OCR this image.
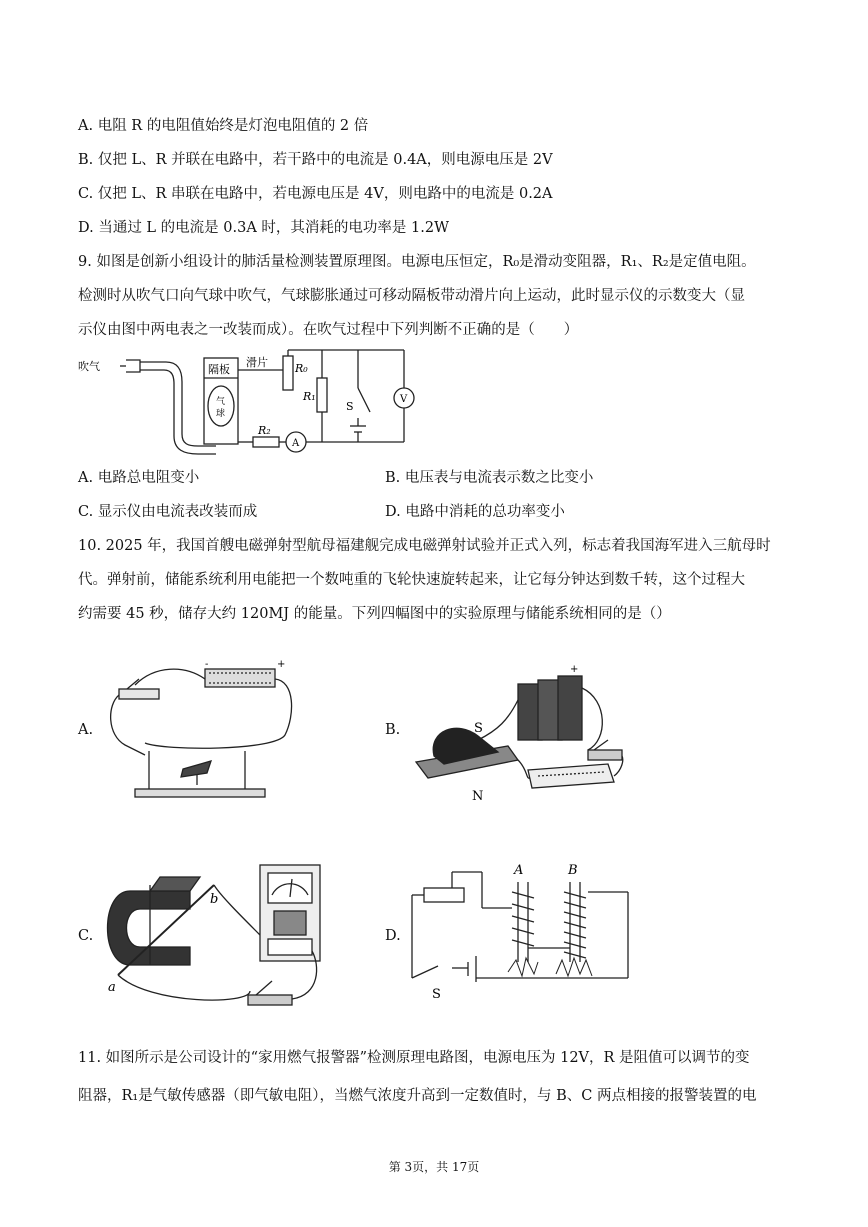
A. 电阻 R 的电阻值始终是灯泡电阻值的 2 倍
B. 仅把 L、R 并联在电路中，若干路中的电流是 0.4A，则电源电压是 2V
C. 仅把 L、R 串联在电路中，若电源电压是 4V，则电路中的电流是 0.2A
D. 当通过 L 的电流是 0.3A 时，其消耗的电功率是 1.2W
9. 如图是创新小组设计的肺活量检测装置原理图。电源电压恒定，R₀是滑动变阻器，R₁、R₂是定值电阻。
检测时从吹气口向气球中吹气，气球膨胀通过可移动隔板带动滑片向上运动，此时显示仪的示数变大（显
示仪由图中两电表之一改装而成）。在吹气过程中下列判断不正确的是（　　）
吹气	隔板
气
球
滑片 R₀
R₁
R₂
S
A
V
A. 电路总电阻变小	B. 电压表与电流表示数之比变小
C. 显示仪由电流表改装而成	D. 电路中消耗的总功率变小
10. 2025 年，我国首艘电磁弹射型航母福建舰完成电磁弹射试验并正式入列，标志着我国海军进入三航母时
代。弹射前，储能系统利用电能把一个数吨重的飞轮快速旋转起来，让它每分钟达到数千转，这个过程大
约需要 45 秒，储存大约 120MJ 的能量。下列四幅图中的实验原理与储能系统相同的是（）
A.
-	+
B.	S
N
+
C.
a
b
D.
A	B
S
11. 如图所示是公司设计的“家用燃气报警器”检测原理电路图，电源电压为 12V，R 是阻值可以调节的变
阻器，R₁是气敏传感器（即气敏电阻），当燃气浓度升高到一定数值时，与 B、C 两点相接的报警装置的电
第 3页，共 17页
